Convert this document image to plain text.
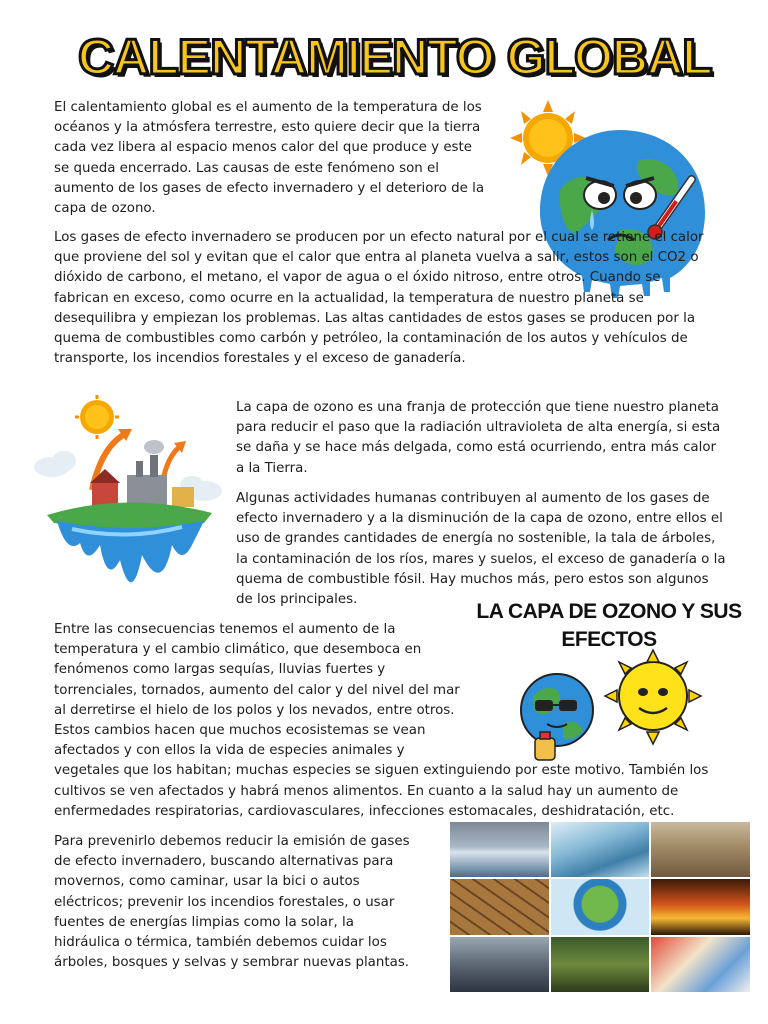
CALENTAMIENTO GLOBAL

El calentamiento global es el aumento de la temperatura de los océanos y la atmósfera terrestre, esto quiere decir que la tierra cada vez libera al espacio menos calor del que produce y este se queda encerrado. Las causas de este fenómeno son el aumento de los gases de efecto invernadero y el deterioro de la capa de ozono.

Los gases de efecto invernadero se producen por un efecto natural por el cual se retiene el calor que proviene del sol y evitan que el calor que entra al planeta vuelva a salir, estos son el CO2 o dióxido de carbono, el metano, el vapor de agua o el óxido nitroso, entre otros. Cuando se fabrican en exceso, como ocurre en la actualidad, la temperatura de nuestro planeta se desequilibra y empiezan los problemas. Las altas cantidades de estos gases se producen por la quema de combustibles como carbón y petróleo, la contaminación de los autos y vehículos de transporte, los incendios forestales y el exceso de ganadería.

La capa de ozono es una franja de protección que tiene nuestro planeta para reducir el paso que la radiación ultravioleta de alta energía, si esta se daña y se hace más delgada, como está ocurriendo, entra más calor a la Tierra.

Algunas actividades humanas contribuyen al aumento de los gases de efecto invernadero y a la disminución de la capa de ozono, entre ellos el uso de grandes cantidades de energía no sostenible, la tala de árboles, la contaminación de los ríos, mares y suelos, el exceso de ganadería o la quema de combustible fósil. Hay muchos más, pero estos son algunos de los principales.

LA CAPA DE OZONO Y SUS EFECTOS

Entre las consecuencias tenemos el aumento de la temperatura y el cambio climático, que desemboca en fenómenos como largas sequías, lluvias fuertes y torrenciales, tornados, aumento del calor y del nivel del mar al derretirse el hielo de los polos y los nevados, entre otros. Estos cambios hacen que muchos ecosistemas se vean afectados y con ellos la vida de especies animales y vegetales que los habitan; muchas especies se siguen extinguiendo por este motivo. También los cultivos se ven afectados y habrá menos alimentos. En cuanto a la salud hay un aumento de enfermedades respiratorias, cardiovasculares, infecciones estomacales, deshidratación, etc.

Para prevenirlo debemos reducir la emisión de gases de efecto invernadero, buscando alternativas para movernos, como caminar, usar la bici o autos eléctricos; prevenir los incendios forestales, o usar fuentes de energías limpias como la solar, la hidráulica o térmica, también debemos cuidar los árboles, bosques y selvas y sembrar nuevas plantas.
